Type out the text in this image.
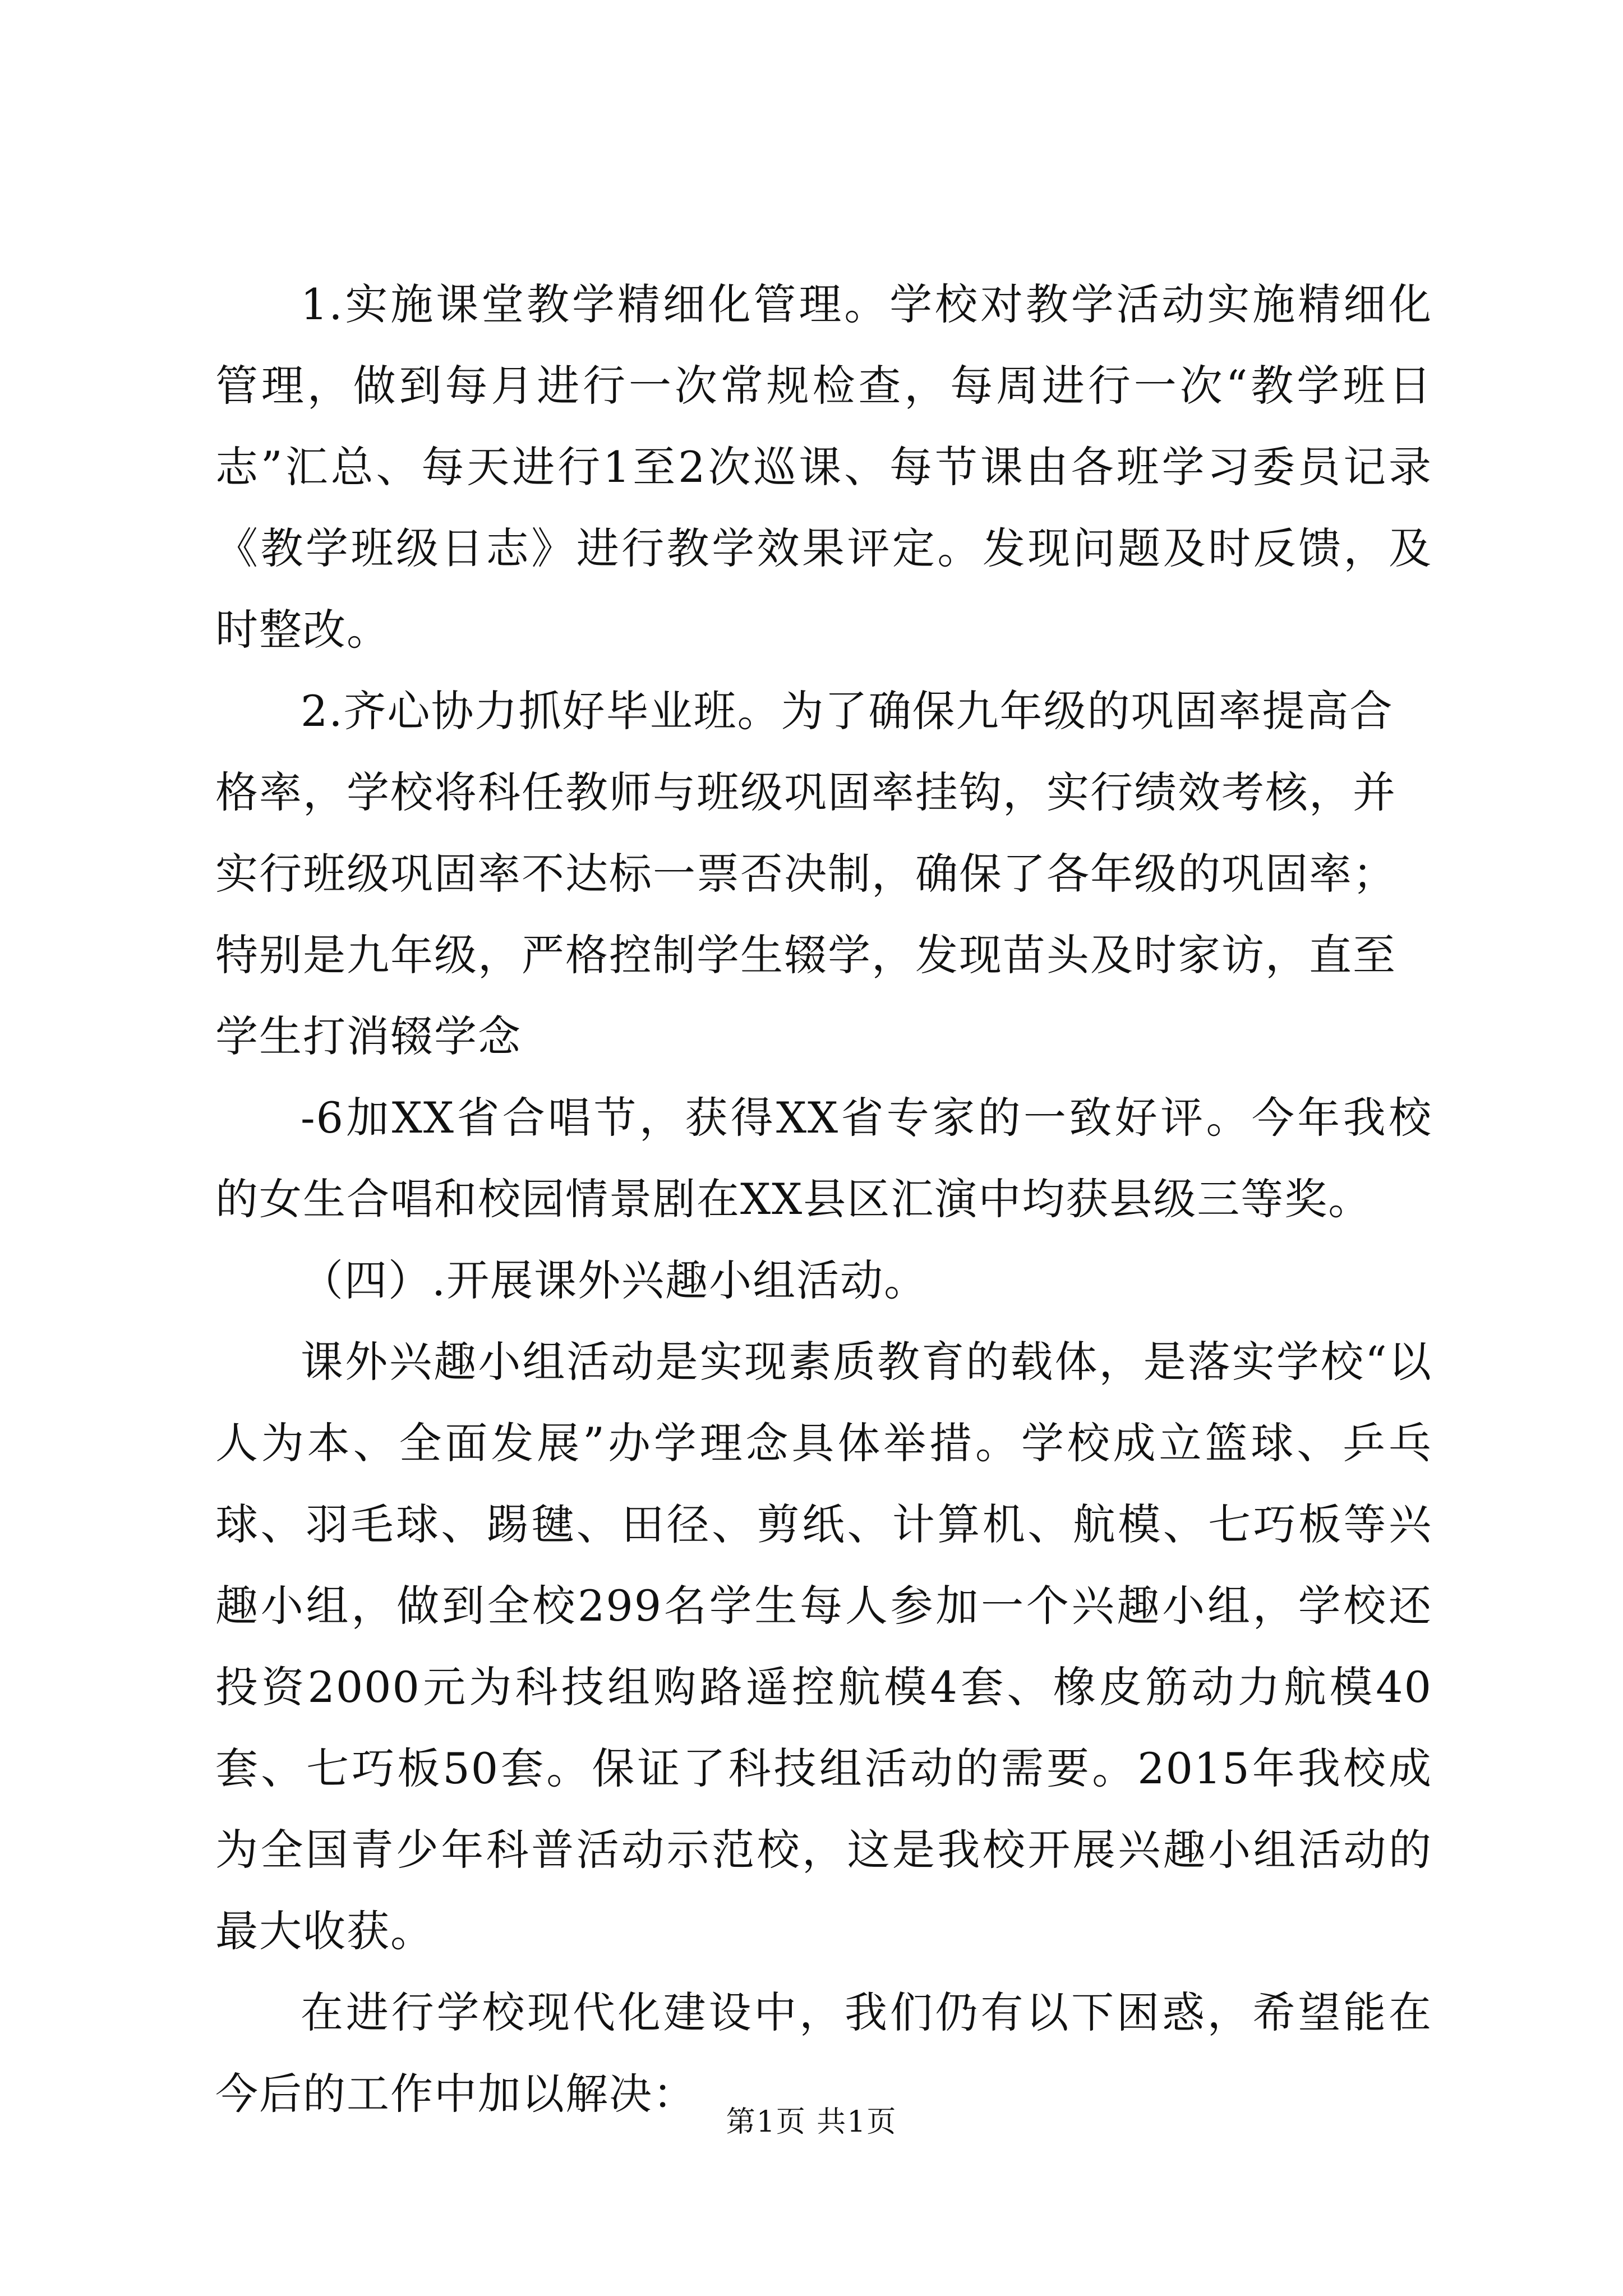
1.实施课堂教学精细化管理。学校对教学活动实施精细化管理，做到每月进行一次常规检查，每周进行一次“教学班日志”汇总、每天进行1至2次巡课、每节课由各班学习委员记录《教学班级日志》进行教学效果评定。发现问题及时反馈，及时整改。

2.齐心协力抓好毕业班。为了确保九年级的巩固率提高合格率，学校将科任教师与班级巩固率挂钩，实行绩效考核，并实行班级巩固率不达标一票否决制，确保了各年级的巩固率；特别是九年级，严格控制学生辍学，发现苗头及时家访，直至学生打消辍学念

-6加XX省合唱节，获得XX省专家的一致好评。今年我校的女生合唱和校园情景剧在XX县区汇演中均获县级三等奖。

（四）.开展课外兴趣小组活动。

课外兴趣小组活动是实现素质教育的载体，是落实学校“以人为本、全面发展”办学理念具体举措。学校成立篮球、乒乓球、羽毛球、踢毽、田径、剪纸、计算机、航模、七巧板等兴趣小组，做到全校299名学生每人参加一个兴趣小组，学校还投资2000元为科技组购路遥控航模4套、橡皮筋动力航模40套、七巧板50套。保证了科技组活动的需要。2015年我校成为全国青少年科普活动示范校，这是我校开展兴趣小组活动的最大收获。

在进行学校现代化建设中，我们仍有以下困惑，希望能在今后的工作中加以解决：

第1页 共1页
